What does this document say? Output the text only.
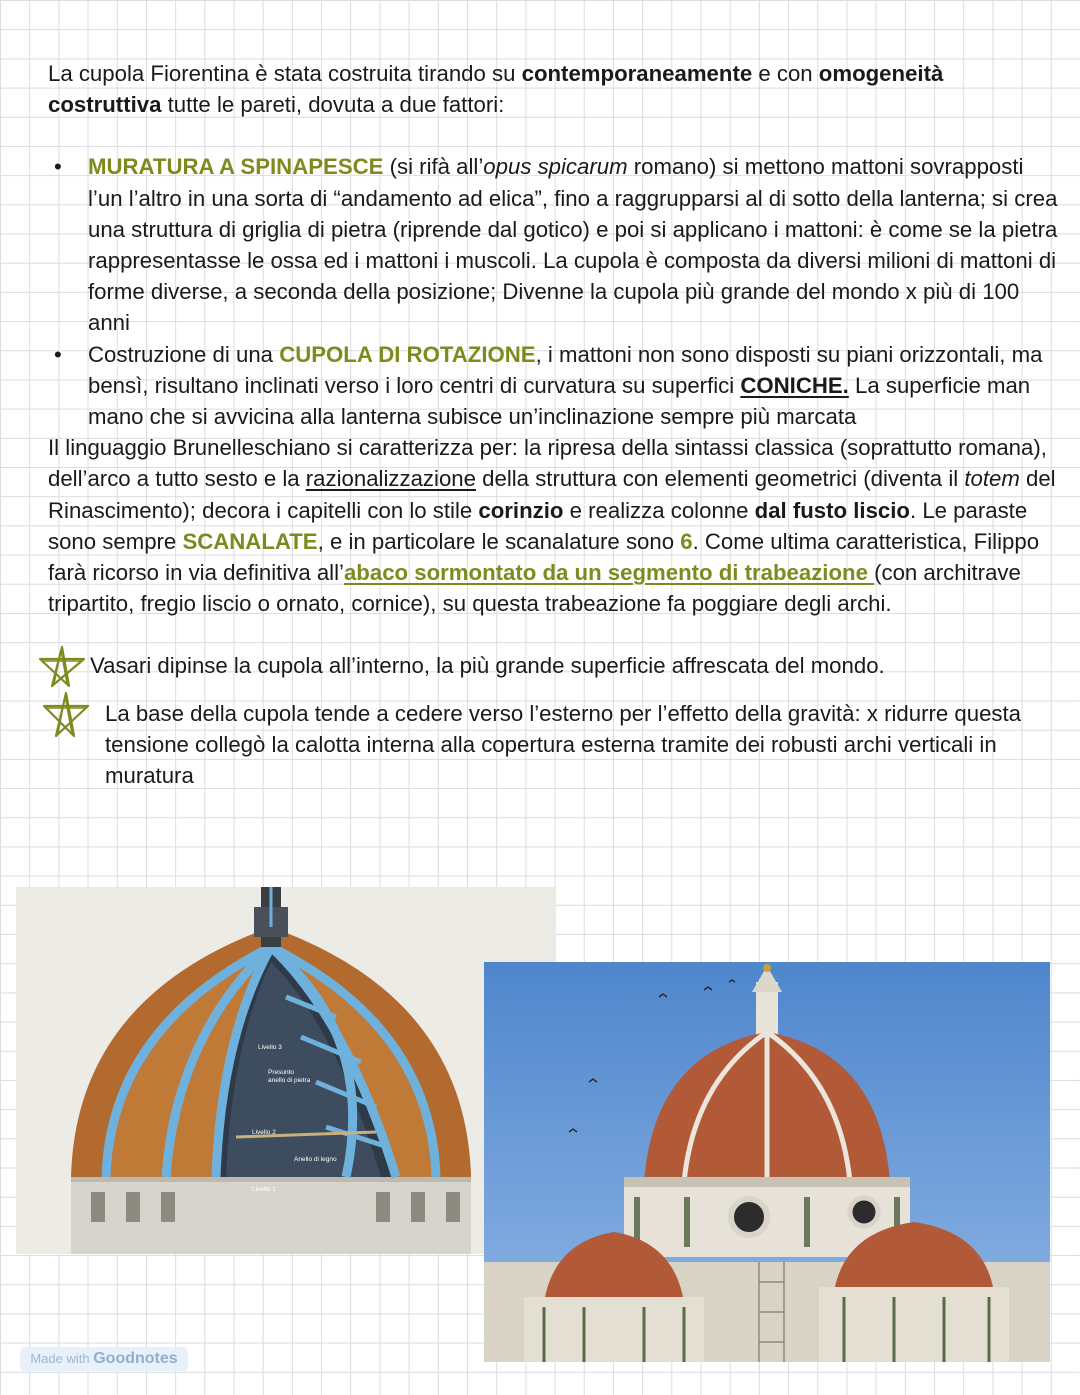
La cupola Fiorentina è stata costruita tirando su contemporaneamente e con omogeneità costruttiva tutte le pareti, dovuta a due fattori:

• MURATURA A SPINAPESCE (si rifà all’opus spicarum romano) si mettono mattoni sovrapposti l’un l’altro in una sorta di “andamento ad elica”, fino a raggrupparsi al di sotto della lanterna; si crea una struttura di griglia di pietra (riprende dal gotico) e poi si applicano i mattoni: è come se la pietra rappresentasse le ossa ed i mattoni i muscoli. La cupola è composta da diversi milioni di mattoni di forme diverse, a seconda della posizione; Divenne la cupola più grande del mondo x più di 100 anni

• Costruzione di una CUPOLA DI ROTAZIONE, i mattoni non sono disposti su piani orizzontali, ma bensì, risultano inclinati verso i loro centri di curvatura su superfici CONICHE. La superficie man mano che si avvicina alla lanterna subisce un’inclinazione sempre più marcata

Il linguaggio Brunelleschiano si caratterizza per: la ripresa della sintassi classica (soprattutto romana), dell’arco a tutto sesto e la razionalizzazione della struttura con elementi geometrici (diventa il totem del Rinascimento); decora i capitelli con lo stile corinzio e realizza colonne dal fusto liscio. Le paraste sono sempre SCANALATE, e in particolare le scanalature sono 6. Come ultima caratteristica, Filippo farà ricorso in via definitiva all’abaco sormontato da un segmento di trabeazione (con architrave tripartito, fregio liscio o ornato, cornice), su questa trabeazione fa poggiare degli archi.

Vasari dipinse la cupola all’interno, la più grande superficie affrescata del mondo.

La base della cupola tende a cedere verso l’esterno per l’effetto della gravità: x ridurre questa tensione collegò la calotta interna alla copertura esterna tramite dei robusti archi verticali in muratura

Livello 3
Presunto
anello di pietra
Livello 2
Anello di legno
Livello 1
Made with Goodnotes
